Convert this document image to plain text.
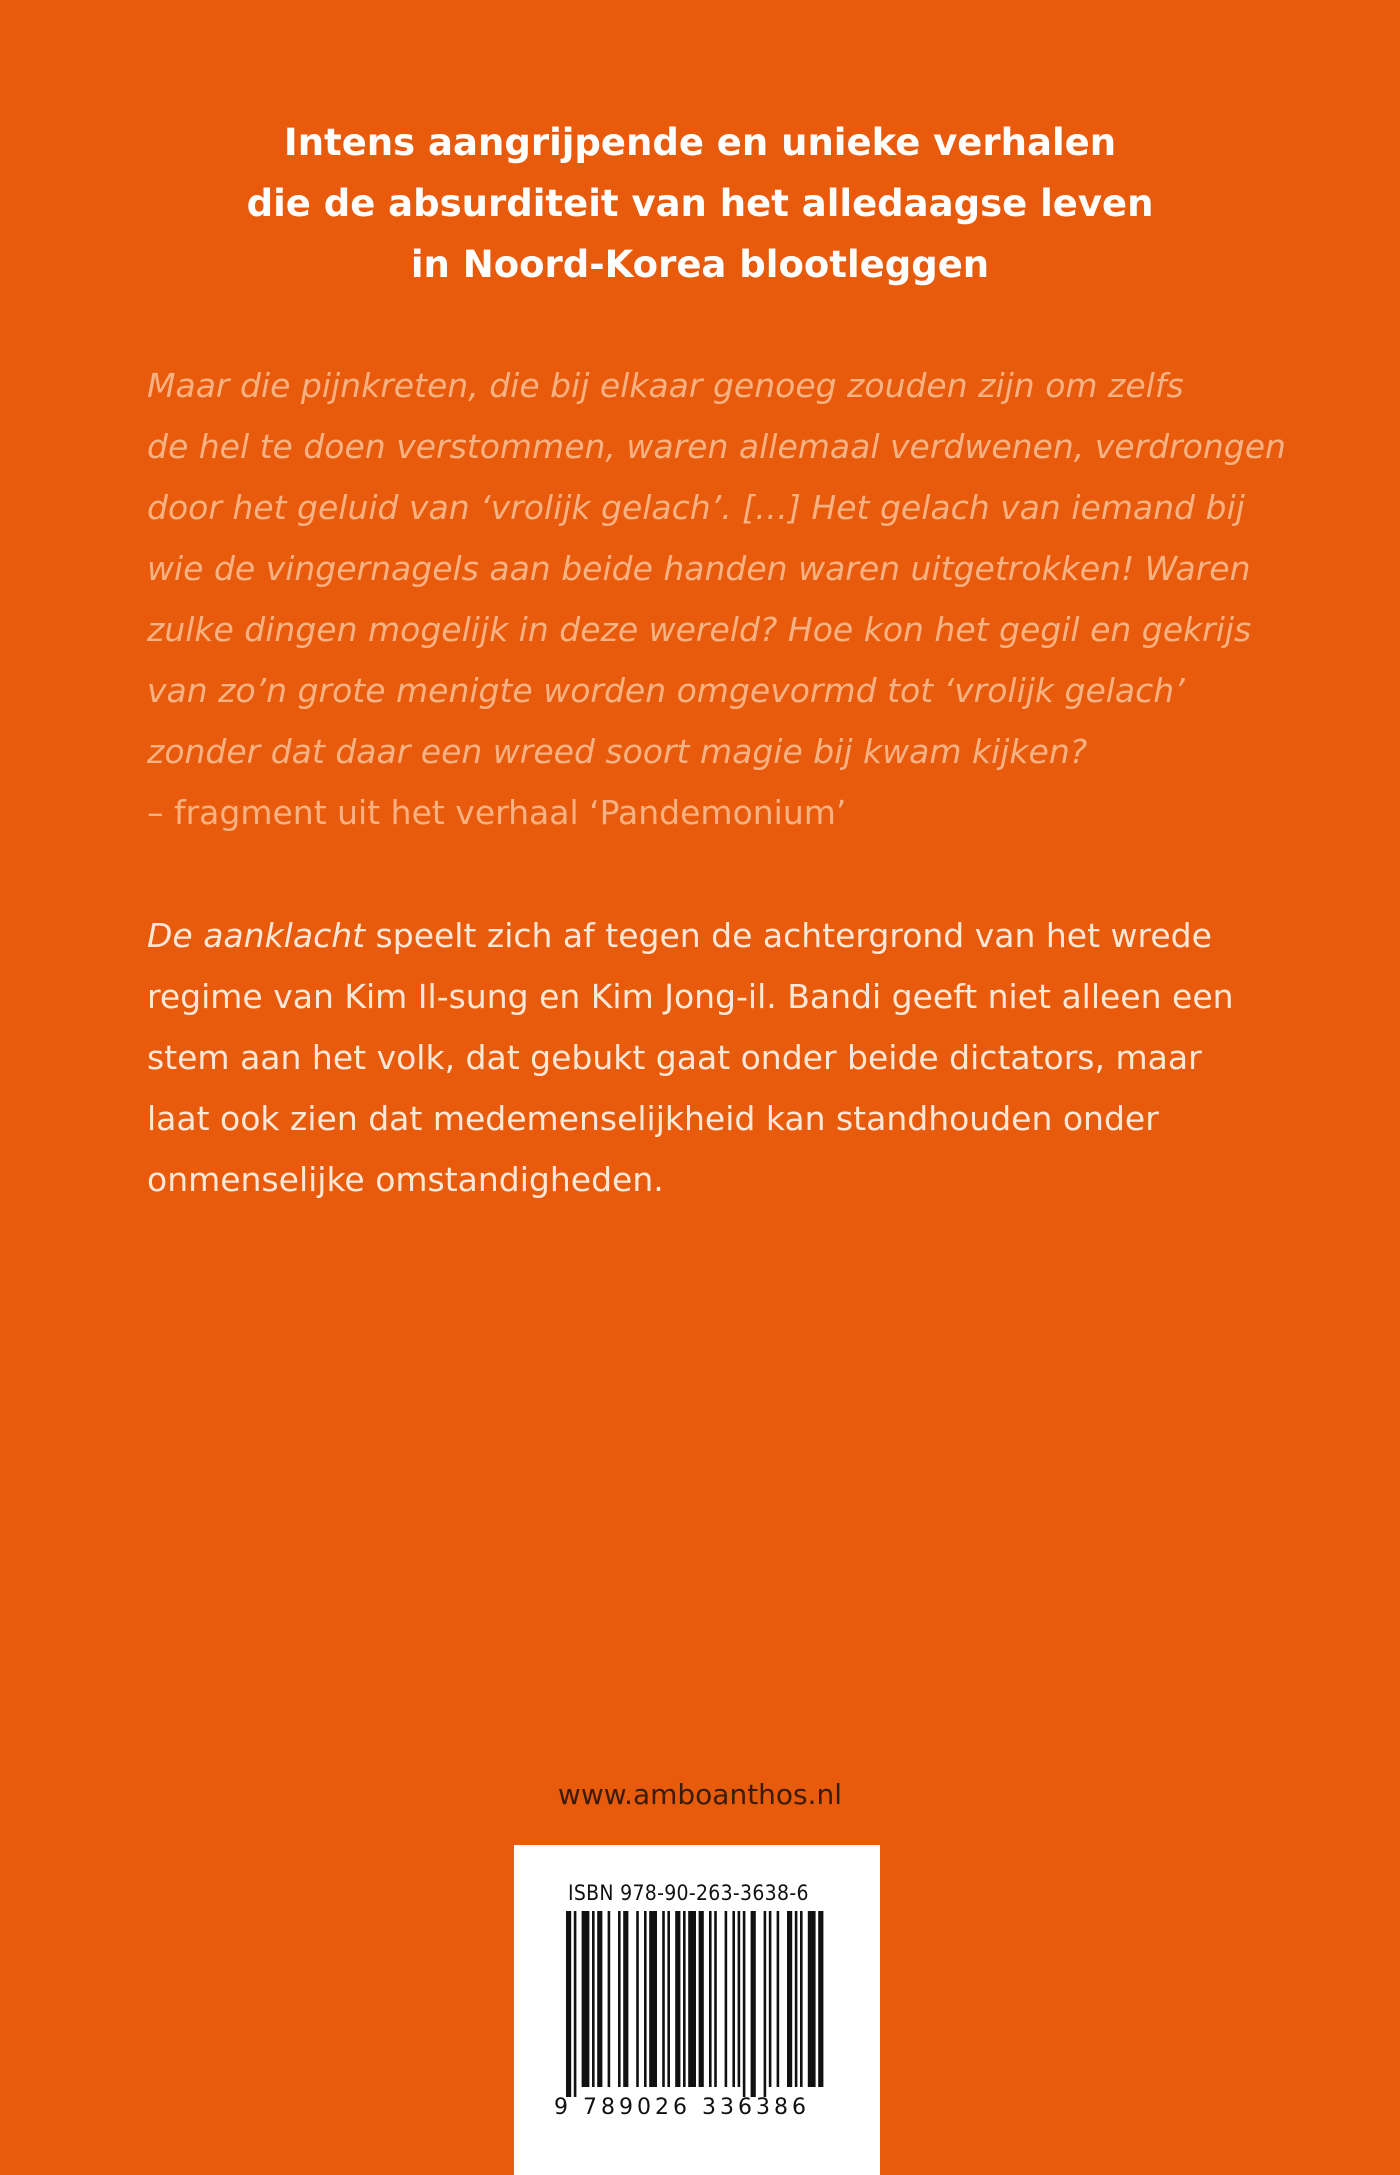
Intens aangrijpende en unieke verhalen
die de absurditeit van het alledaagse leven
in Noord-Korea blootleggen
Maar die pijnkreten, die bij elkaar genoeg zouden zijn om zelfs
de hel te doen verstommen, waren allemaal verdwenen, verdrongen
door het geluid van ‘vrolijk gelach’. […] Het gelach van iemand bij
wie de vingernagels aan beide handen waren uitgetrokken! Waren
zulke dingen mogelijk in deze wereld? Hoe kon het gegil en gekrijs
van zo’n grote menigte worden omgevormd tot ‘vrolijk gelach’
zonder dat daar een wreed soort magie bij kwam kijken?
– fragment uit het verhaal ‘Pandemonium’
De aanklacht speelt zich af tegen de achtergrond van het wrede
regime van Kim Il-sung en Kim Jong-il. Bandi geeft niet alleen een
stem aan het volk, dat gebukt gaat onder beide dictators, maar
laat ook zien dat medemenselijkheid kan standhouden onder
onmenselijke omstandigheden.
www.amboanthos.nl
ISBN 978-90-263-3638-6
9 789026 336386
